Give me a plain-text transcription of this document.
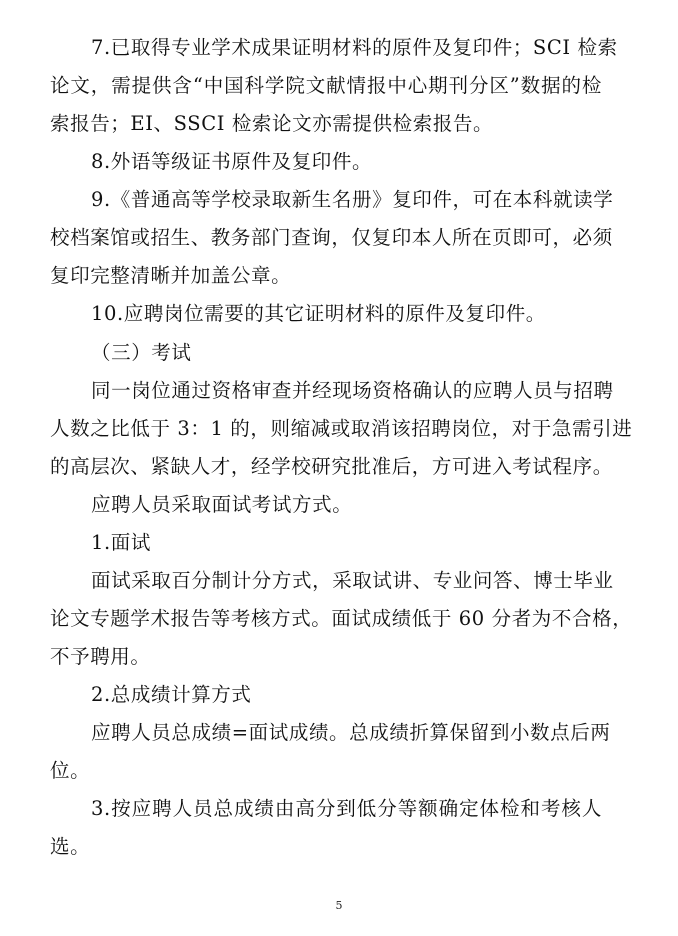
7.已取得专业学术成果证明材料的原件及复印件；SCI 检索
论文，需提供含“中国科学院文献情报中心期刊分区”数据的检
索报告；EI、SSCI 检索论文亦需提供检索报告。
8.外语等级证书原件及复印件。
9.《普通高等学校录取新生名册》复印件，可在本科就读学
校档案馆或招生、教务部门查询，仅复印本人所在页即可，必须
复印完整清晰并加盖公章。
10.应聘岗位需要的其它证明材料的原件及复印件。
（三）考试
同一岗位通过资格审查并经现场资格确认的应聘人员与招聘
人数之比低于 3：1 的，则缩减或取消该招聘岗位，对于急需引进
的高层次、紧缺人才，经学校研究批准后，方可进入考试程序。
应聘人员采取面试考试方式。
1.面试
面试采取百分制计分方式，采取试讲、专业问答、博士毕业
论文专题学术报告等考核方式。面试成绩低于 60 分者为不合格，
不予聘用。
2.总成绩计算方式
应聘人员总成绩=面试成绩。总成绩折算保留到小数点后两
位。
3.按应聘人员总成绩由高分到低分等额确定体检和考核人
选。
5
